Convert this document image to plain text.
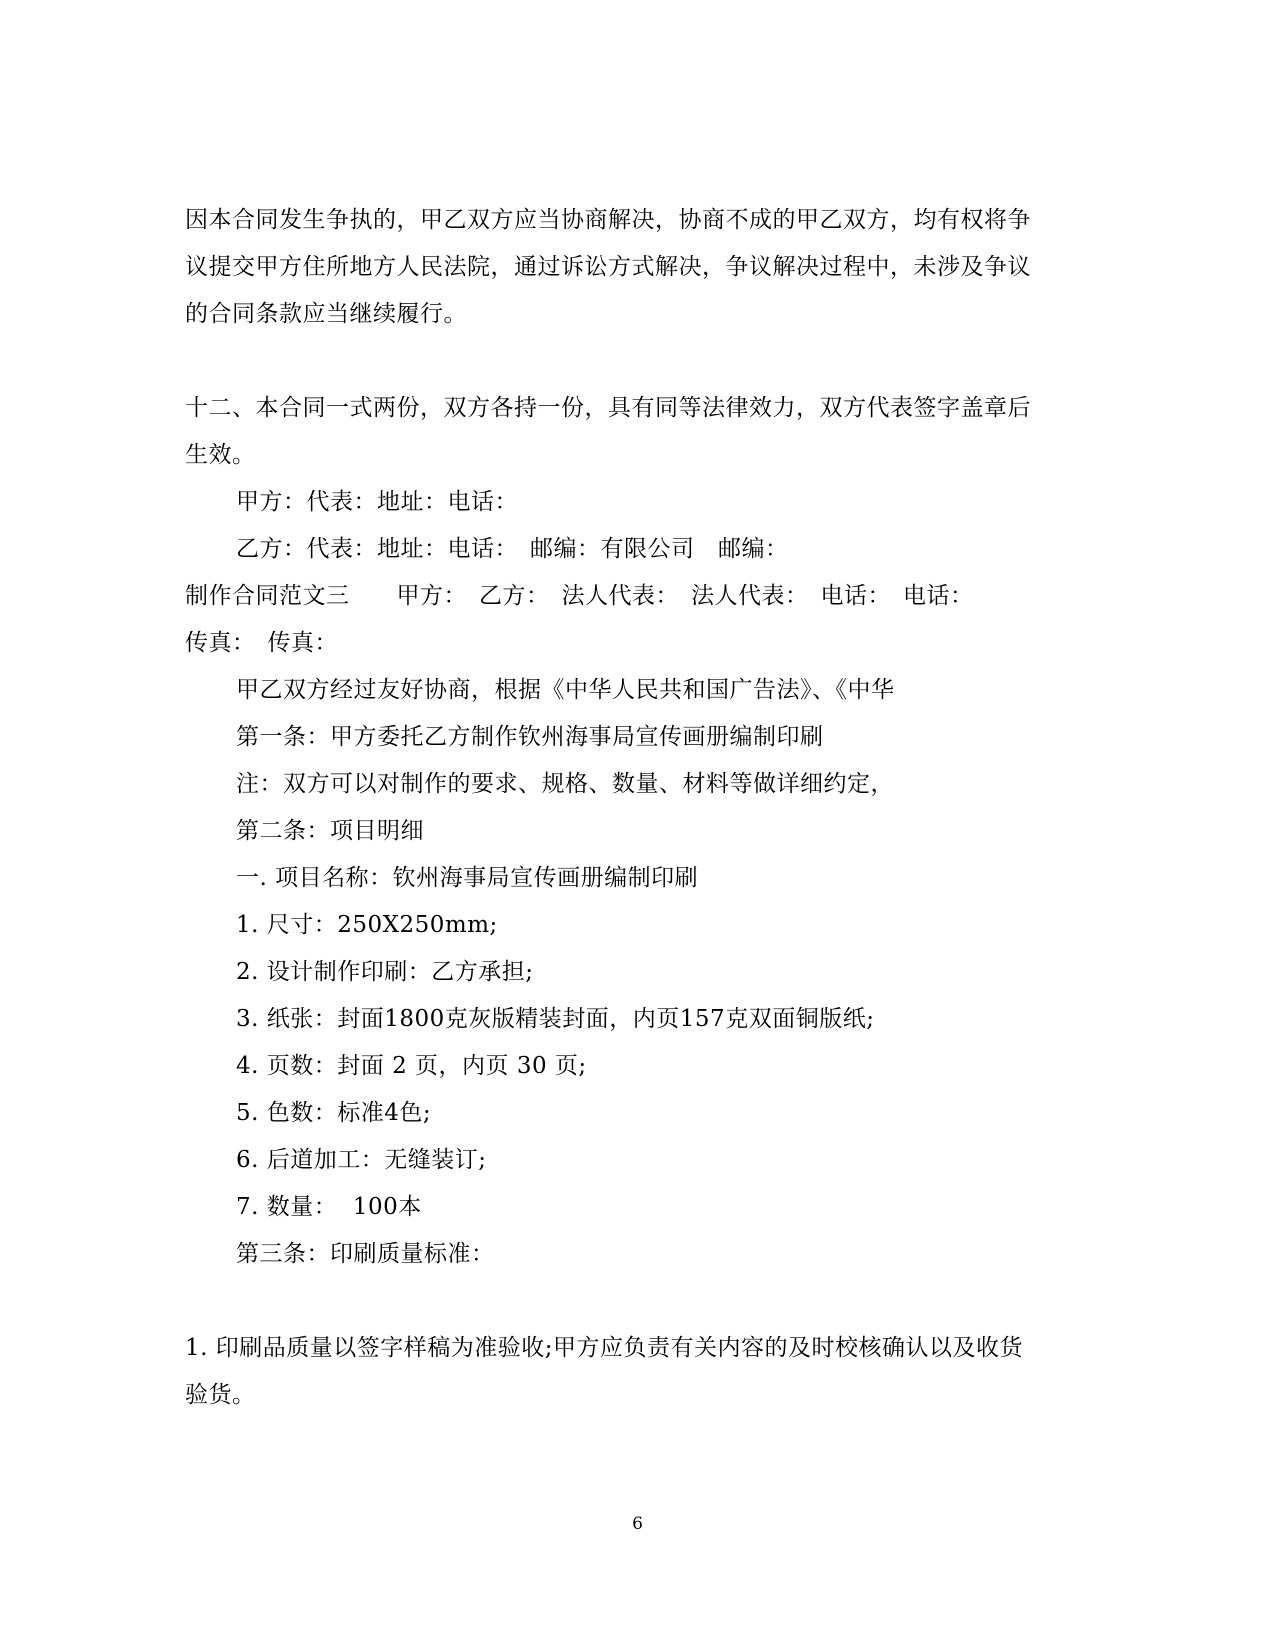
因本合同发生争执的，甲乙双方应当协商解决，协商不成的甲乙双方，均有权将争
议提交甲方住所地方人民法院，通过诉讼方式解决，争议解决过程中，未涉及争议
的合同条款应当继续履行。
十二、本合同一式两份，双方各持一份，具有同等法律效力，双方代表签字盖章后
生效。
甲方：代表：地址：电话：
乙方：代表：地址：电话：　邮编：有限公司　邮编：
制作合同范文三　　甲方：　乙方：　法人代表：　法人代表：　电话：　电话：
传真：　传真：
甲乙双方经过友好协商，根据《中华人民共和国广告法》、《中华
第一条：甲方委托乙方制作钦州海事局宣传画册编制印刷
注：双方可以对制作的要求、规格、数量、材料等做详细约定，
第二条：项目明细
一. 项目名称：钦州海事局宣传画册编制印刷
1. 尺寸：250X250mm;
2. 设计制作印刷：乙方承担;
3. 纸张：封面1800克灰版精装封面，内页157克双面铜版纸;
4. 页数：封面 2 页，内页 30 页;
5. 色数：标准4色;
6. 后道加工：无缝装订;
7. 数量：  100本
第三条：印刷质量标准：
1. 印刷品质量以签字样稿为准验收;甲方应负责有关内容的及时校核确认以及收货
验货。
6
